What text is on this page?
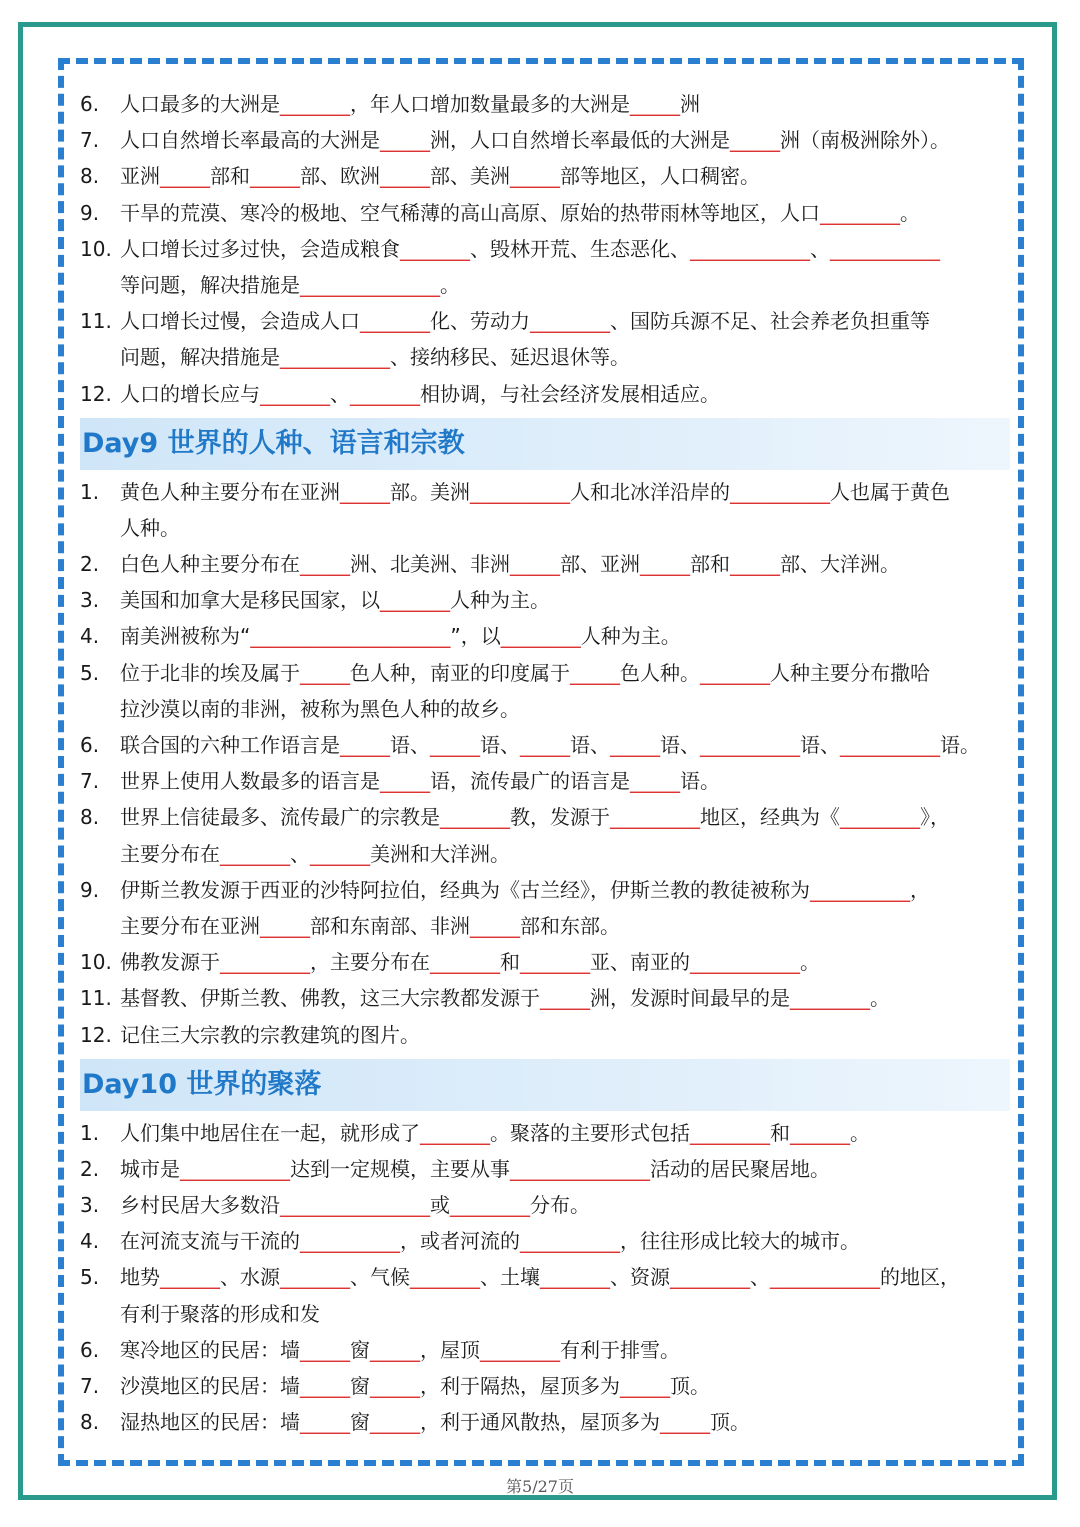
6. 人口最多的大洲是_______，年人口增加数量最多的大洲是_____洲
7. 人口自然增长率最高的大洲是_____洲，人口自然增长率最低的大洲是_____洲（南极洲除外）。
8. 亚洲_____部和_____部、欧洲_____部、美洲_____部等地区，人口稠密。
9. 干旱的荒漠、寒冷的极地、空气稀薄的高山高原、原始的热带雨林等地区，人口________。
10. 人口增长过多过快，会造成粮食_______、毁林开荒、生态恶化、____________、___________
等问题，解决措施是______________。
11. 人口增长过慢，会造成人口_______化、劳动力________、国防兵源不足、社会养老负担重等
问题，解决措施是___________、接纳移民、延迟退休等。
12. 人口的增长应与_______、_______相协调，与社会经济发展相适应。
Day9 世界的人种、语言和宗教
1. 黄色人种主要分布在亚洲_____部。美洲__________人和北冰洋沿岸的__________人也属于黄色
人种。
2. 白色人种主要分布在_____洲、北美洲、非洲_____部、亚洲_____部和_____部、大洋洲。
3. 美国和加拿大是移民国家，以_______人种为主。
4. 南美洲被称为“____________________”，以________人种为主。
5. 位于北非的埃及属于_____色人种，南亚的印度属于_____色人种。_______人种主要分布撒哈
拉沙漠以南的非洲，被称为黑色人种的故乡。
6. 联合国的六种工作语言是_____语、_____语、_____语、_____语、__________语、__________语。
7. 世界上使用人数最多的语言是_____语，流传最广的语言是_____语。
8. 世界上信徒最多、流传最广的宗教是_______教，发源于_________地区，经典为《________》，
主要分布在_______、______美洲和大洋洲。
9. 伊斯兰教发源于西亚的沙特阿拉伯，经典为《古兰经》，伊斯兰教的教徒被称为__________，
主要分布在亚洲_____部和东南部、非洲_____部和东部。
10. 佛教发源于_________，主要分布在_______和_______亚、南亚的___________。
11. 基督教、伊斯兰教、佛教，这三大宗教都发源于_____洲，发源时间最早的是________。
12. 记住三大宗教的宗教建筑的图片。
Day10 世界的聚落
1. 人们集中地居住在一起，就形成了_______。聚落的主要形式包括________和______。
2. 城市是___________达到一定规模，主要从事______________活动的居民聚居地。
3. 乡村民居大多数沿_______________或________分布。
4. 在河流支流与干流的__________，或者河流的__________，往往形成比较大的城市。
5. 地势______、水源_______、气候_______、土壤_______、资源________、___________的地区，
有利于聚落的形成和发
6. 寒冷地区的民居：墙_____窗_____，屋顶________有利于排雪。
7. 沙漠地区的民居：墙_____窗_____，利于隔热，屋顶多为_____顶。
8. 湿热地区的民居：墙_____窗_____，利于通风散热，屋顶多为_____顶。
第5/27页
